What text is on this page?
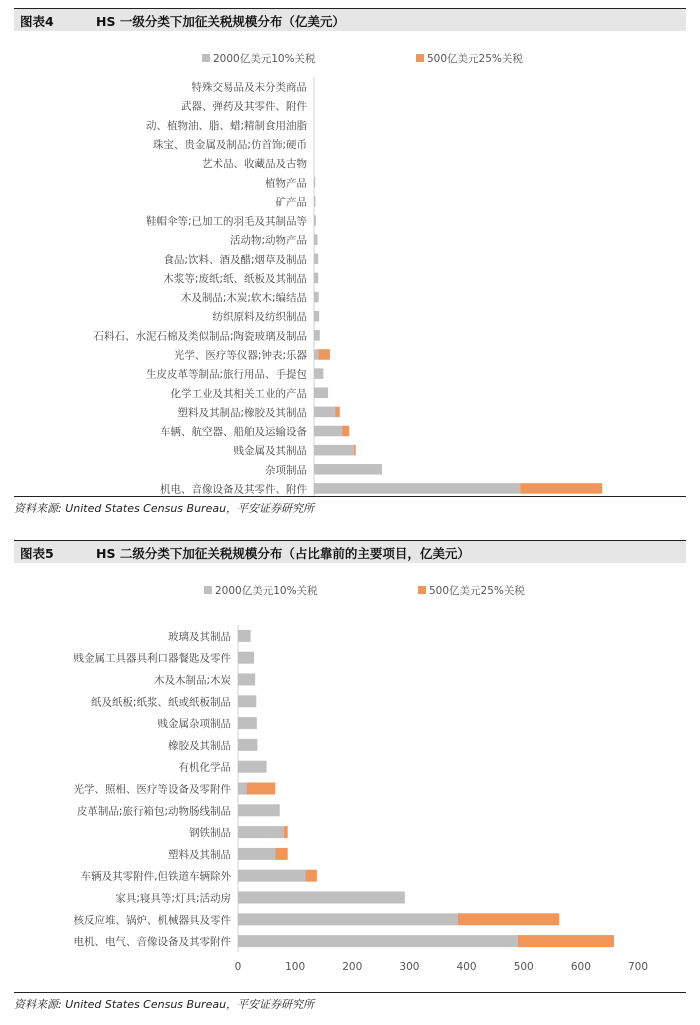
图表4	HS 一级分类下加征关税规模分布（亿美元）
2000亿美元10%关税	500亿美元25%关税
特殊交易品及未分类商品
武器、弹药及其零件、附件
动、植物油、脂、蜡;精制食用油脂
珠宝、贵金属及制品;仿首饰;硬币
艺术品、收藏品及古物
植物产品
矿产品
鞋帽伞等;已加工的羽毛及其制品等
活动物;动物产品
食品;饮料、酒及醋;烟草及制品
木浆等;废纸;纸、纸板及其制品
木及制品;木炭;软木;编结品
纺织原料及纺织制品
石料石、水泥石棉及类似制品;陶瓷玻璃及制品
光学、医疗等仪器;钟表;乐器
生皮皮革等制品;旅行用品、手提包
化学工业及其相关工业的产品
塑料及其制品;橡胶及其制品
车辆、航空器、船舶及运输设备
贱金属及其制品
杂项制品
机电、音像设备及其零件、附件
资料来源: United States Census Bureau，平安证券研究所
图表5	HS 二级分类下加征关税规模分布（占比靠前的主要项目，亿美元）
2000亿美元10%关税	500亿美元25%关税
玻璃及其制品
贱金属工具器具利口器餐匙及零件
木及木制品;木炭
纸及纸板;纸浆、纸或纸板制品
贱金属杂项制品
橡胶及其制品
有机化学品
光学、照相、医疗等设备及零附件
皮革制品;旅行箱包;动物肠线制品
钢铁制品
塑料及其制品
车辆及其零附件,但铁道车辆除外
家具;寝具等;灯具;活动房
核反应堆、锅炉、机械器具及零件
电机、电气、音像设备及其零附件
0	100	200	300	400	500	600	700
资料来源: United States Census Bureau，平安证券研究所
